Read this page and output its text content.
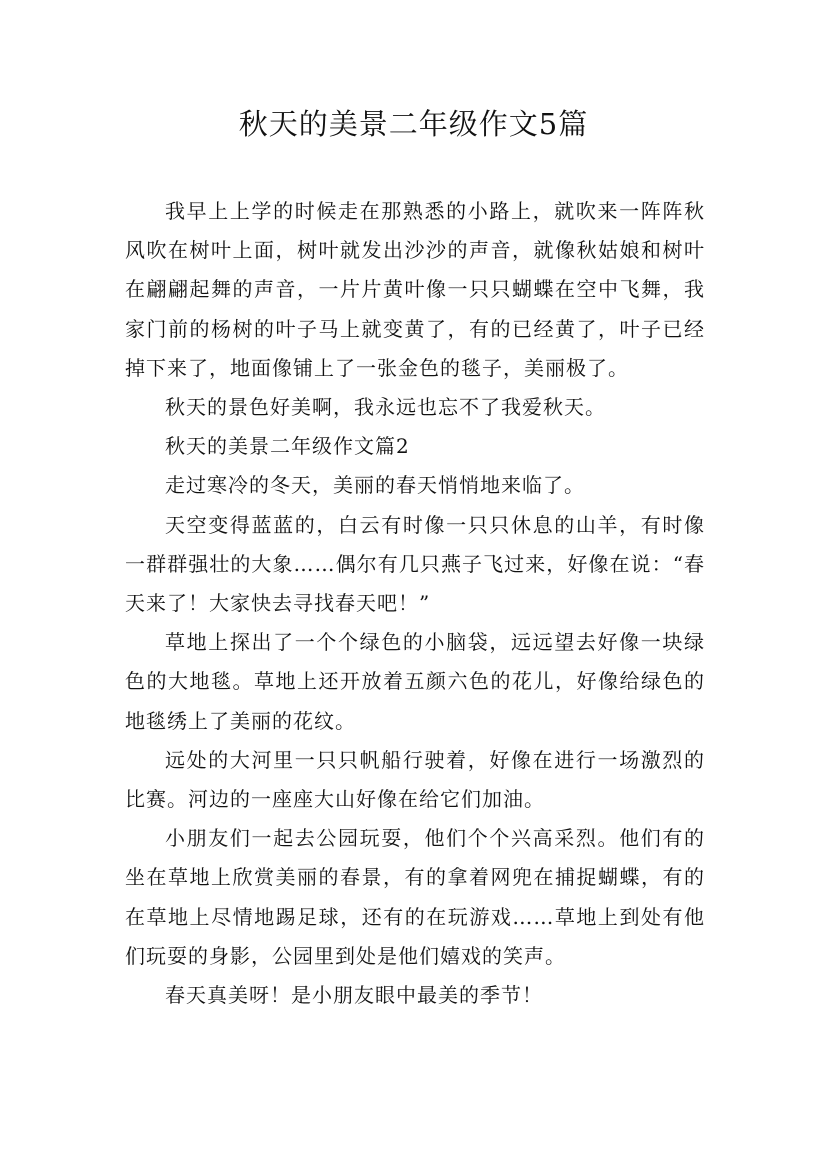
秋天的美景二年级作文5篇

我早上上学的时候走在那熟悉的小路上，就吹来一阵阵秋风吹在树叶上面，树叶就发出沙沙的声音，就像秋姑娘和树叶在翩翩起舞的声音，一片片黄叶像一只只蝴蝶在空中飞舞，我家门前的杨树的叶子马上就变黄了，有的已经黄了，叶子已经掉下来了，地面像铺上了一张金色的毯子，美丽极了。

秋天的景色好美啊，我永远也忘不了我爱秋天。

秋天的美景二年级作文篇2

走过寒冷的冬天，美丽的春天悄悄地来临了。

天空变得蓝蓝的，白云有时像一只只休息的山羊，有时像一群群强壮的大象……偶尔有几只燕子飞过来，好像在说：“春天来了！大家快去寻找春天吧！”

草地上探出了一个个绿色的小脑袋，远远望去好像一块绿色的大地毯。草地上还开放着五颜六色的花儿，好像给绿色的地毯绣上了美丽的花纹。

远处的大河里一只只帆船行驶着，好像在进行一场激烈的比赛。河边的一座座大山好像在给它们加油。

小朋友们一起去公园玩耍，他们个个兴高采烈。他们有的坐在草地上欣赏美丽的春景，有的拿着网兜在捕捉蝴蝶，有的在草地上尽情地踢足球，还有的在玩游戏……草地上到处有他们玩耍的身影，公园里到处是他们嬉戏的笑声。

春天真美呀！是小朋友眼中最美的季节！
